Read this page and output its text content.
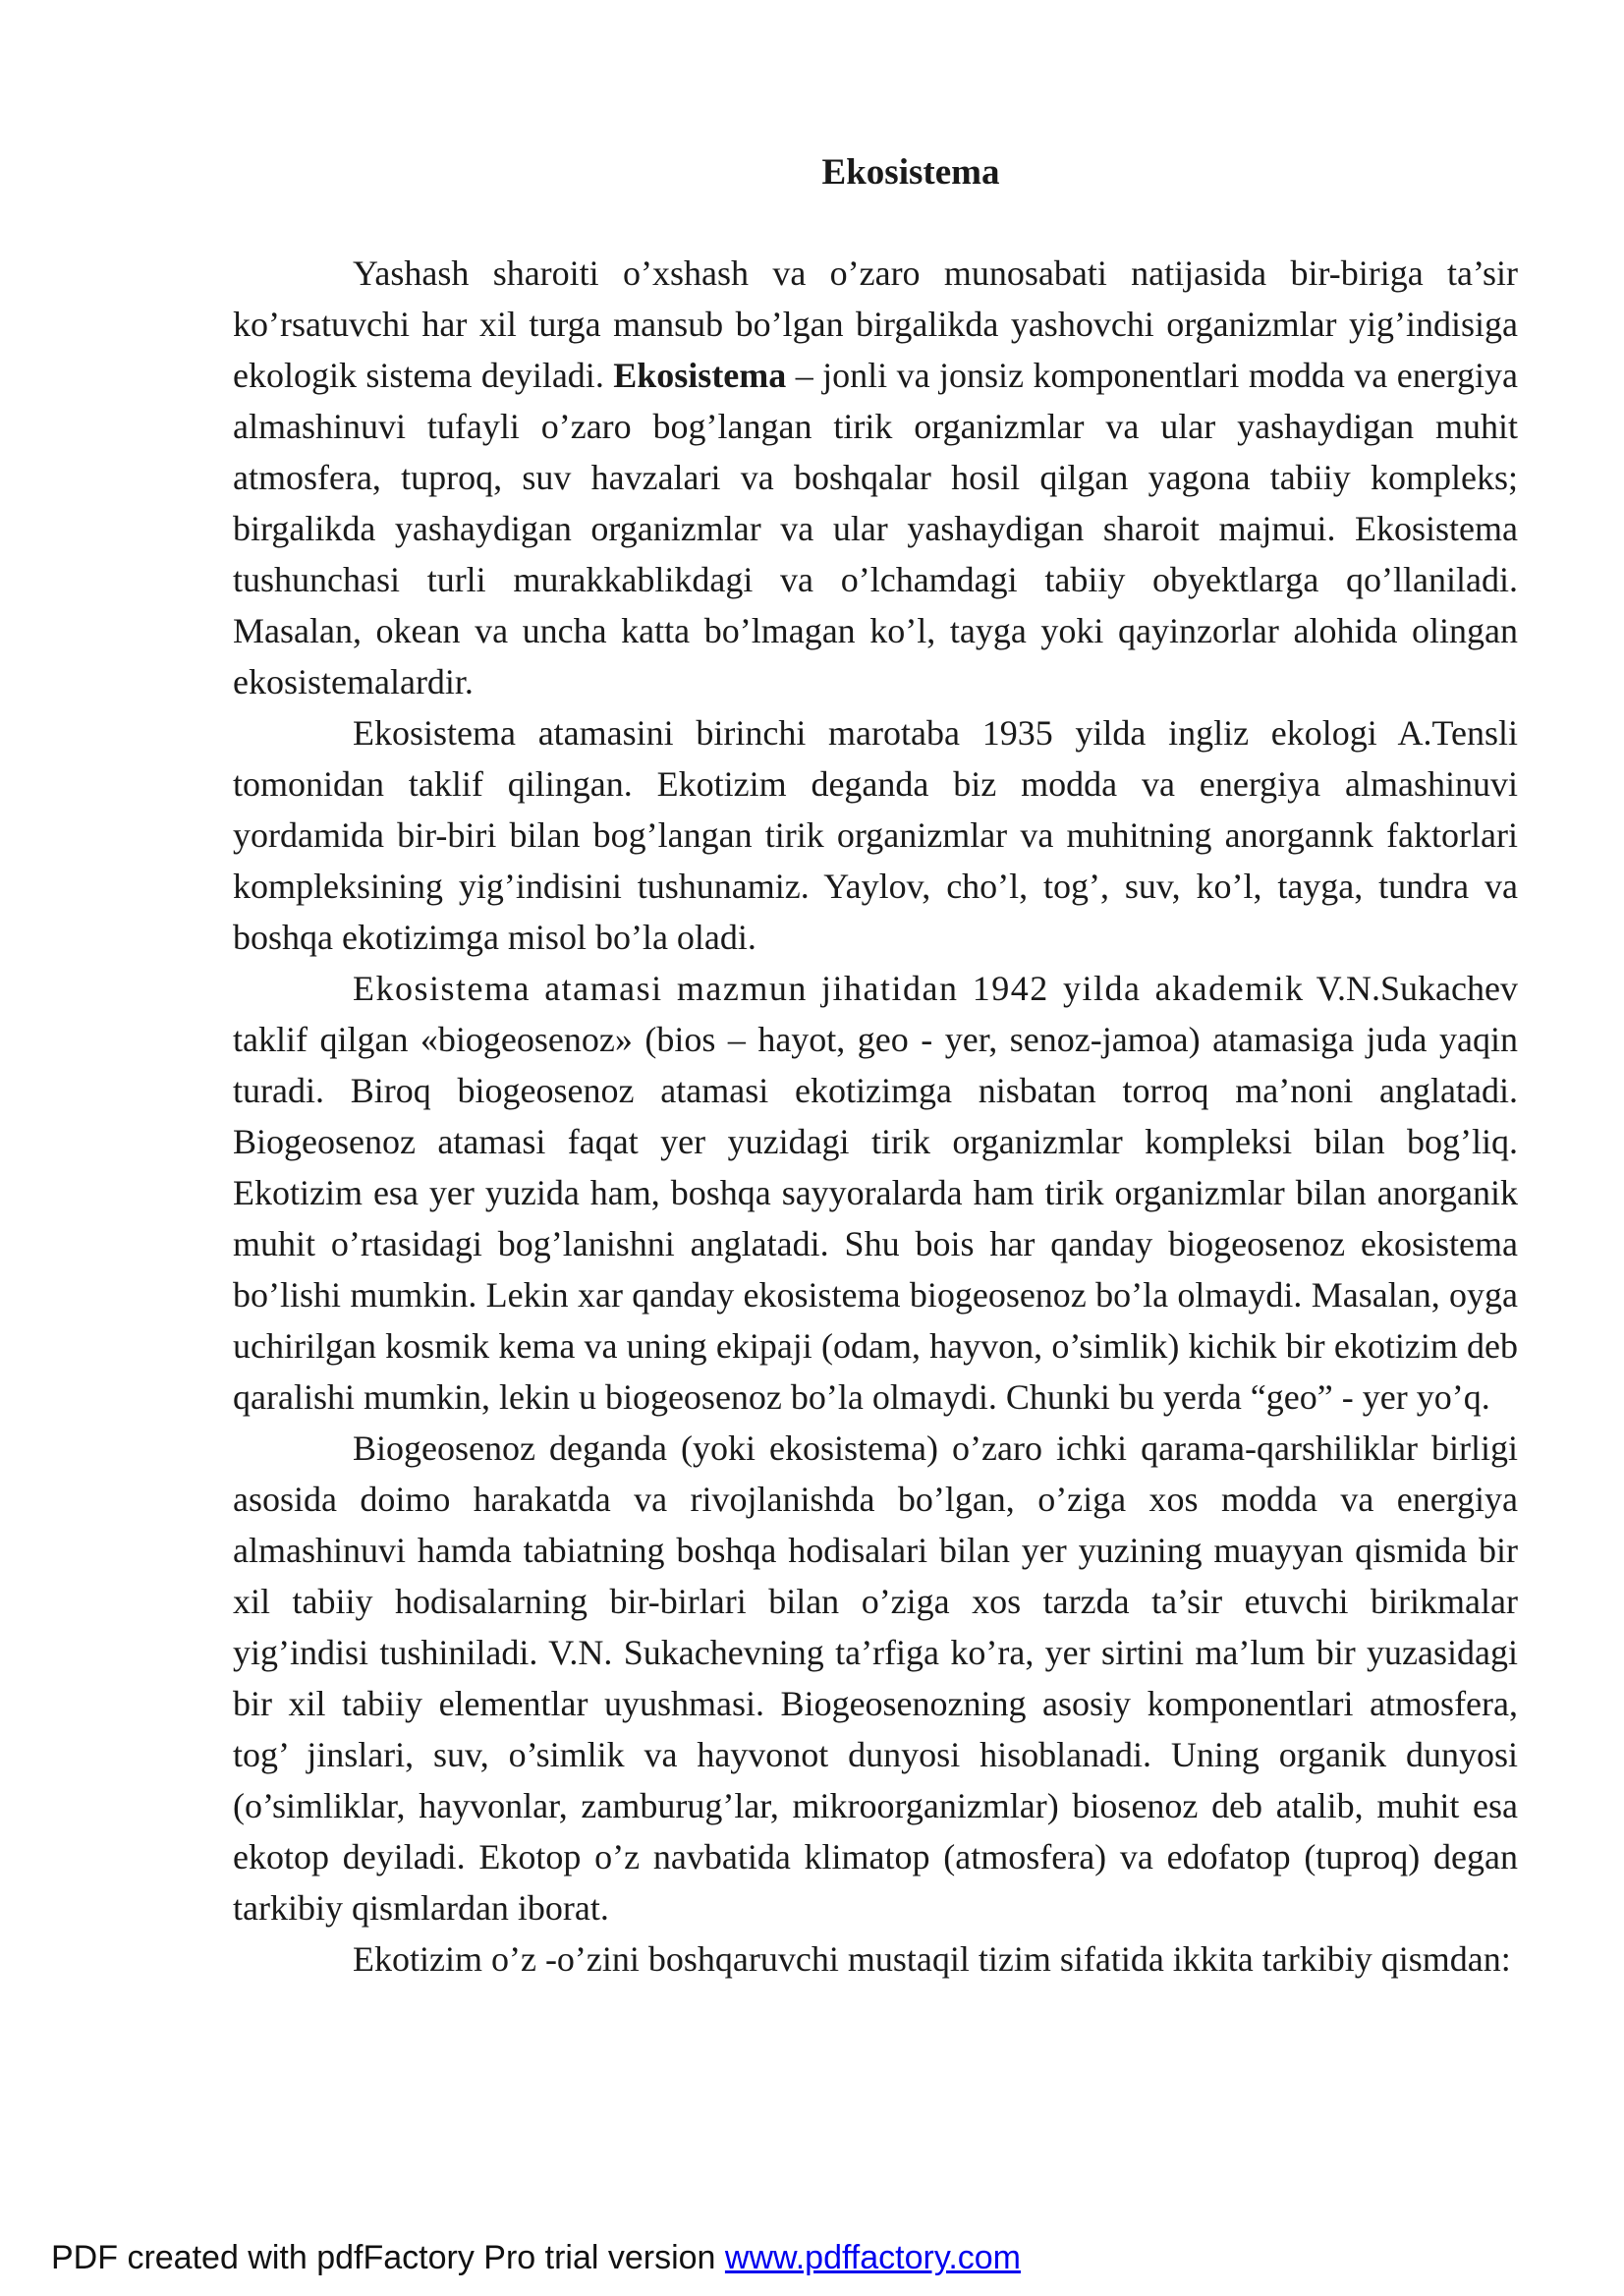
Ekosistema

Yashash sharoiti o’xshash va o’zaro munosabati natijasida bir-biriga ta’sir ko’rsatuvchi har xil turga mansub bo’lgan birgalikda yashovchi organizmlar yig’indisiga ekologik sistema deyiladi. Ekosistema – jonli va jonsiz komponentlari modda va energiya almashinuvi tufayli o’zaro bog’langan tirik organizmlar va ular yashaydigan muhit atmosfera, tuproq, suv havzalari va boshqalar hosil qilgan yagona tabiiy kompleks; birgalikda yashaydigan organizmlar va ular yashaydigan sharoit majmui. Ekosistema tushunchasi turli murakkablikdagi va o’lchamdagi tabiiy obyektlarga qo’llaniladi. Masalan, okean va uncha katta bo’lmagan ko’l, tayga yoki qayinzorlar alohida olingan ekosistemalardir.

Ekosistema atamasini birinchi marotaba 1935 yilda ingliz ekologi A.Tensli tomonidan taklif qilingan. Ekotizim deganda biz modda va energiya almashinuvi yordamida bir-biri bilan bog’langan tirik organizmlar va muhitning anorgannk faktorlari kompleksining yig’indisini tushunamiz. Yaylov, cho’l, tog’, suv, ko’l, tayga, tundra va boshqa ekotizimga misol bo’la oladi.

Ekosistema atamasi mazmun jihatidan 1942 yilda akademik V.N.Sukachev taklif qilgan «biogeosenoz» (bios – hayot, geo - yer, senoz-jamoa) atamasiga juda yaqin turadi. Biroq biogeosenoz atamasi ekotizimga nisbatan torroq ma’noni anglatadi. Biogeosenoz atamasi faqat yer yuzidagi tirik organizmlar kompleksi bilan bog’liq. Ekotizim esa yer yuzida ham, boshqa sayyoralarda ham tirik organizmlar bilan anorganik muhit o’rtasidagi bog’lanishni anglatadi. Shu bois har qanday biogeosenoz ekosistema bo’lishi mumkin. Lekin xar qanday ekosistema biogeosenoz bo’la olmaydi. Masalan, oyga uchirilgan kosmik kema va uning ekipaji (odam, hayvon, o’simlik) kichik bir ekotizim deb qaralishi mumkin, lekin u biogeosenoz bo’la olmaydi. Chunki bu yerda “geo” - yer yo’q.

Biogeosenoz deganda (yoki ekosistema) o’zaro ichki qarama-qarshiliklar birligi asosida doimo harakatda va rivojlanishda bo’lgan, o’ziga xos modda va energiya almashinuvi hamda tabiatning boshqa hodisalari bilan yer yuzining muayyan qismida bir xil tabiiy hodisalarning bir-birlari bilan o’ziga xos tarzda ta’sir etuvchi birikmalar yig’indisi tushiniladi. V.N. Sukachevning ta’rfiga ko’ra, yer sirtini ma’lum bir yuzasidagi bir xil tabiiy elementlar uyushmasi. Biogeosenozning asosiy komponentlari atmosfera, tog’ jinslari, suv, o’simlik va hayvonot dunyosi hisoblanadi. Uning organik dunyosi (o’simliklar, hayvonlar, zamburug’lar, mikroorganizmlar) biosenoz deb atalib, muhit esa ekotop deyiladi. Ekotop o’z navbatida klimatop (atmosfera) va edofatop (tuproq) degan tarkibiy qismlardan iborat.

Ekotizim o’z -o’zini boshqaruvchi mustaqil tizim sifatida ikkita tarkibiy qismdan:

PDF created with pdfFactory Pro trial version www.pdffactory.com
